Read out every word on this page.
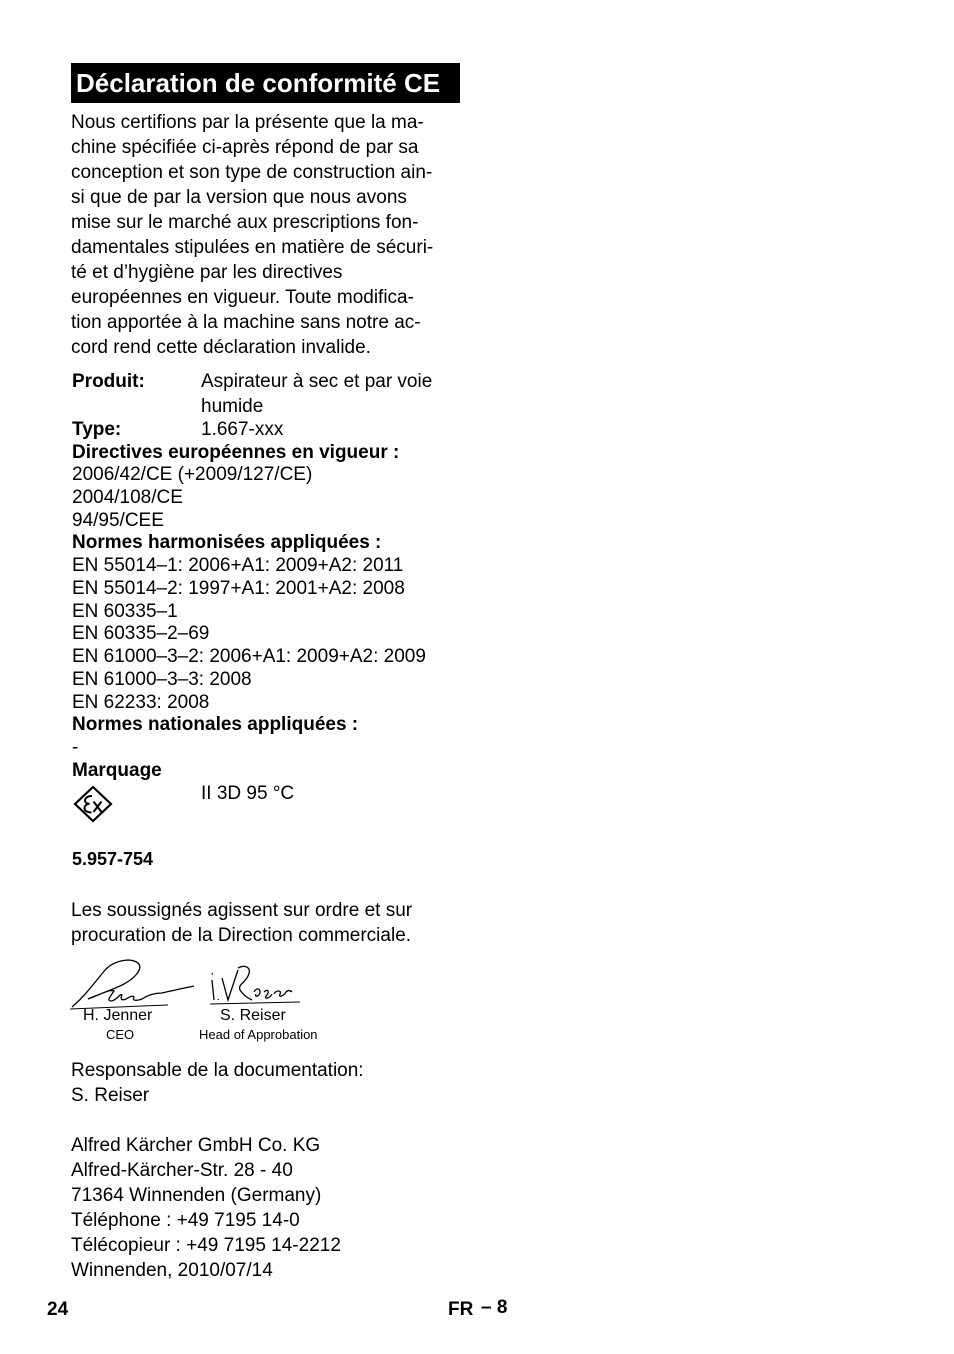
Déclaration de conformité CE
Nous certifions par la présente que la ma-
chine spécifiée ci-après répond de par sa
conception et son type de construction ain-
si que de par la version que nous avons
mise sur le marché aux prescriptions fon-
damentales stipulées en matière de sécuri-
té et d’hygiène par les directives
européennes en vigueur. Toute modifica-
tion apportée à la machine sans notre ac-
cord rend cette déclaration invalide.
Produit:	Aspirateur à sec et par voie
humide
Type:	1.667-xxx
Directives européennes en vigueur :
2006/42/CE (+2009/127/CE)
2004/108/CE
94/95/CEE
Normes harmonisées appliquées :
EN 55014–1: 2006+A1: 2009+A2: 2011
EN 55014–2: 1997+A1: 2001+A2: 2008
EN 60335–1
EN 60335–2–69
EN 61000–3–2: 2006+A1: 2009+A2: 2009
EN 61000–3–3: 2008
EN 62233: 2008
Normes nationales appliquées :
-
Marquage
II 3D 95 °C
5.957-754
Les soussignés agissent sur ordre et sur
procuration de la Direction commerciale.
H. Jenner
CEO
S. Reiser
Head of Approbation
Responsable de la documentation:
S. Reiser
Alfred Kärcher GmbH Co. KG
Alfred-Kärcher-Str. 28 - 40
71364 Winnenden (Germany)
Téléphone : +49 7195 14-0
Télécopieur : +49 7195 14-2212
Winnenden, 2010/07/14
24	FR – 8
